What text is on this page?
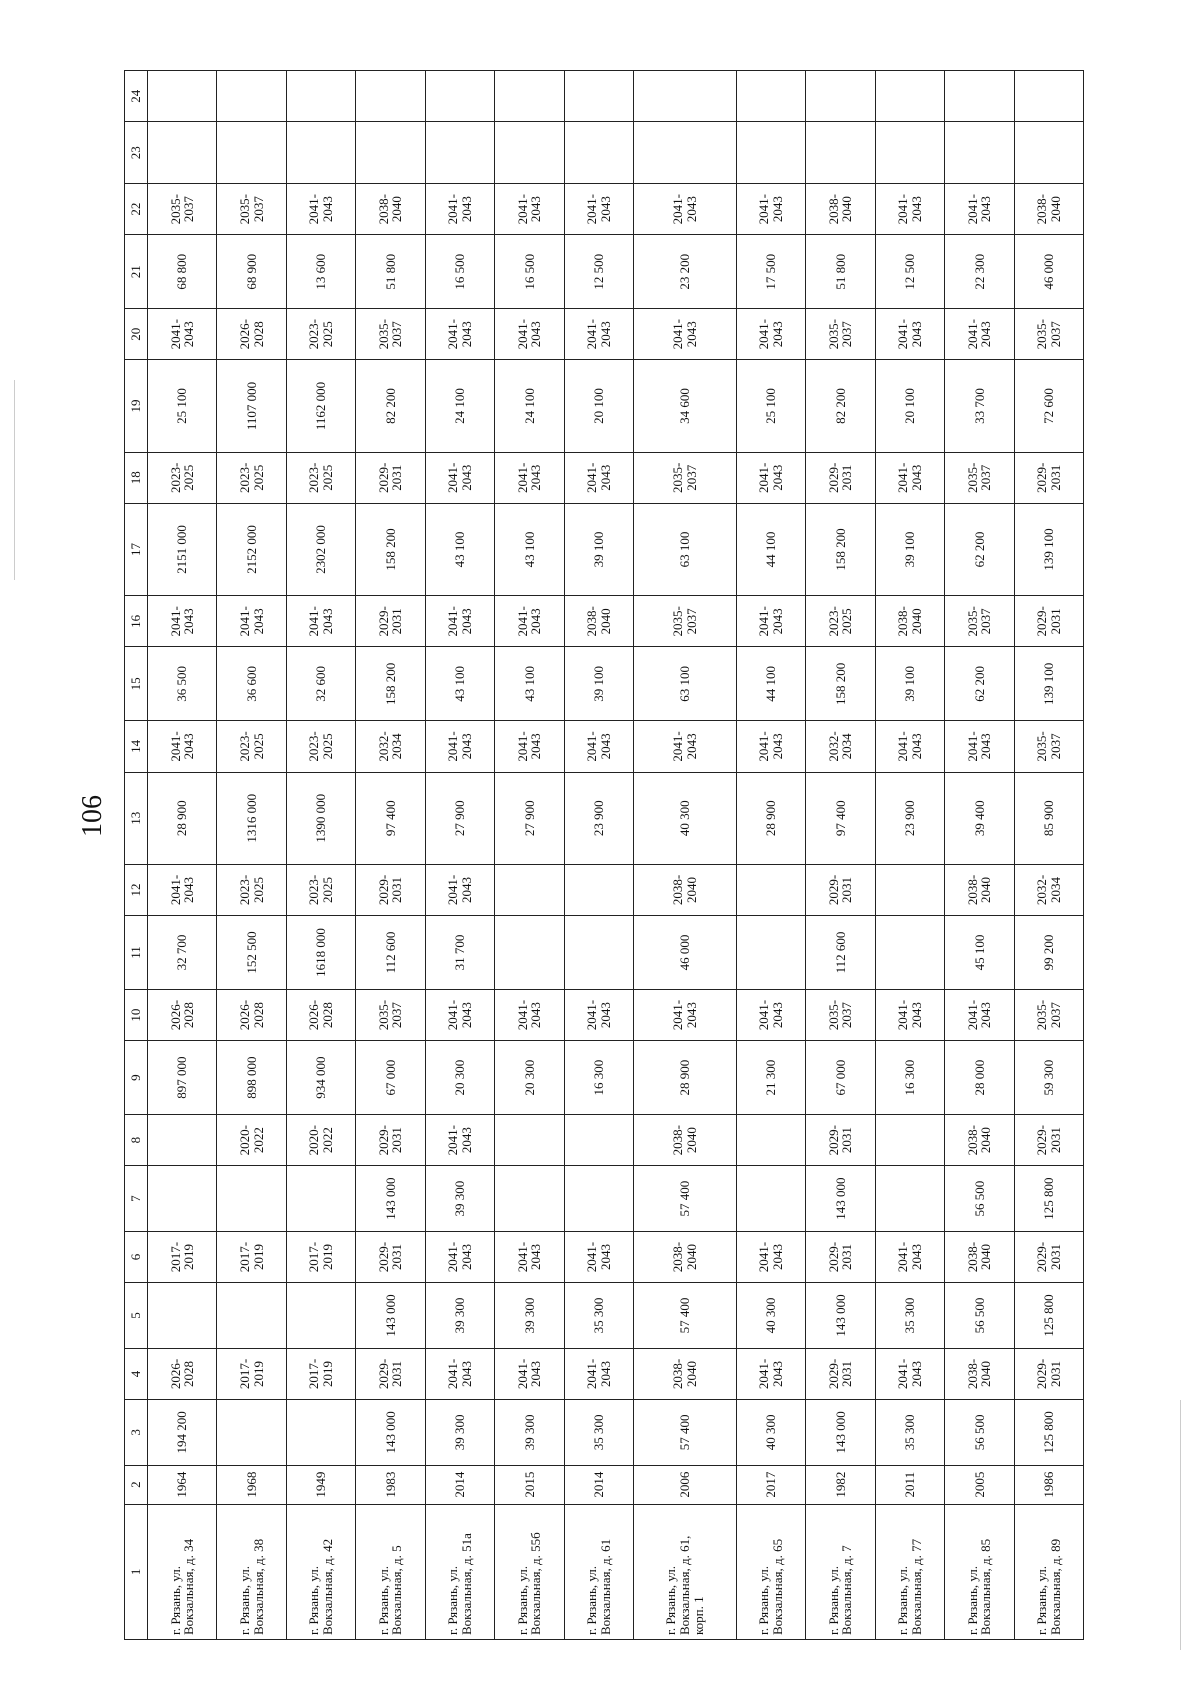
106
1	2	3	4	5	6	7	8	9	10	11	12	13	14	15	16	17	18	19	20	21	22	23	24
г. Рязань, ул. Вокзальная, д. 34	1964	194 200	2026-2028		2017-2019			897 000	2026-2028	32 700	2041-2043	28 900	2041-2043	36 500	2041-2043	2151 000	2023-2025	25 100	2041-2043	68 800	2035-2037		
г. Рязань, ул. Вокзальная, д. 38	1968		2017-2019		2017-2019		2020-2022	898 000	2026-2028	152 500	2023-2025	1316 000	2023-2025	36 600	2041-2043	2152 000	2023-2025	1107 000	2026-2028	68 900	2035-2037		
г. Рязань, ул. Вокзальная, д. 42	1949		2017-2019		2017-2019		2020-2022	934 000	2026-2028	1618 000	2023-2025	1390 000	2023-2025	32 600	2041-2043	2302 000	2023-2025	1162 000	2023-2025	13 600	2041-2043		
г. Рязань, ул. Вокзальная, д. 5	1983	143 000	2029-2031	143 000	2029-2031	143 000	2029-2031	67 000	2035-2037	112 600	2029-2031	97 400	2032-2034	158 200	2029-2031	158 200	2029-2031	82 200	2035-2037	51 800	2038-2040		
г. Рязань, ул. Вокзальная, д. 51а	2014	39 300	2041-2043	39 300	2041-2043	39 300	2041-2043	20 300	2041-2043	31 700	2041-2043	27 900	2041-2043	43 100	2041-2043	43 100	2041-2043	24 100	2041-2043	16 500	2041-2043		
г. Рязань, ул. Вокзальная, д. 55б	2015	39 300	2041-2043	39 300	2041-2043			20 300	2041-2043			27 900	2041-2043	43 100	2041-2043	43 100	2041-2043	24 100	2041-2043	16 500	2041-2043		
г. Рязань, ул. Вокзальная, д. 61	2014	35 300	2041-2043	35 300	2041-2043			16 300	2041-2043			23 900	2041-2043	39 100	2038-2040	39 100	2041-2043	20 100	2041-2043	12 500	2041-2043		
г. Рязань, ул. Вокзальная, д. 61, корп. 1	2006	57 400	2038-2040	57 400	2038-2040	57 400	2038-2040	28 900	2041-2043	46 000	2038-2040	40 300	2041-2043	63 100	2035-2037	63 100	2035-2037	34 600	2041-2043	23 200	2041-2043		
г. Рязань, ул. Вокзальная, д. 65	2017	40 300	2041-2043	40 300	2041-2043			21 300	2041-2043			28 900	2041-2043	44 100	2041-2043	44 100	2041-2043	25 100	2041-2043	17 500	2041-2043		
г. Рязань, ул. Вокзальная, д. 7	1982	143 000	2029-2031	143 000	2029-2031	143 000	2029-2031	67 000	2035-2037	112 600	2029-2031	97 400	2032-2034	158 200	2023-2025	158 200	2029-2031	82 200	2035-2037	51 800	2038-2040		
г. Рязань, ул. Вокзальная, д. 77	2011	35 300	2041-2043	35 300	2041-2043			16 300	2041-2043			23 900	2041-2043	39 100	2038-2040	39 100	2041-2043	20 100	2041-2043	12 500	2041-2043		
г. Рязань, ул. Вокзальная, д. 85	2005	56 500	2038-2040	56 500	2038-2040	56 500	2038-2040	28 000	2041-2043	45 100	2038-2040	39 400	2041-2043	62 200	2035-2037	62 200	2035-2037	33 700	2041-2043	22 300	2041-2043		
г. Рязань, ул. Вокзальная, д. 89	1986	125 800	2029-2031	125 800	2029-2031	125 800	2029-2031	59 300	2035-2037	99 200	2032-2034	85 900	2035-2037	139 100	2029-2031	139 100	2029-2031	72 600	2035-2037	46 000	2038-2040		
